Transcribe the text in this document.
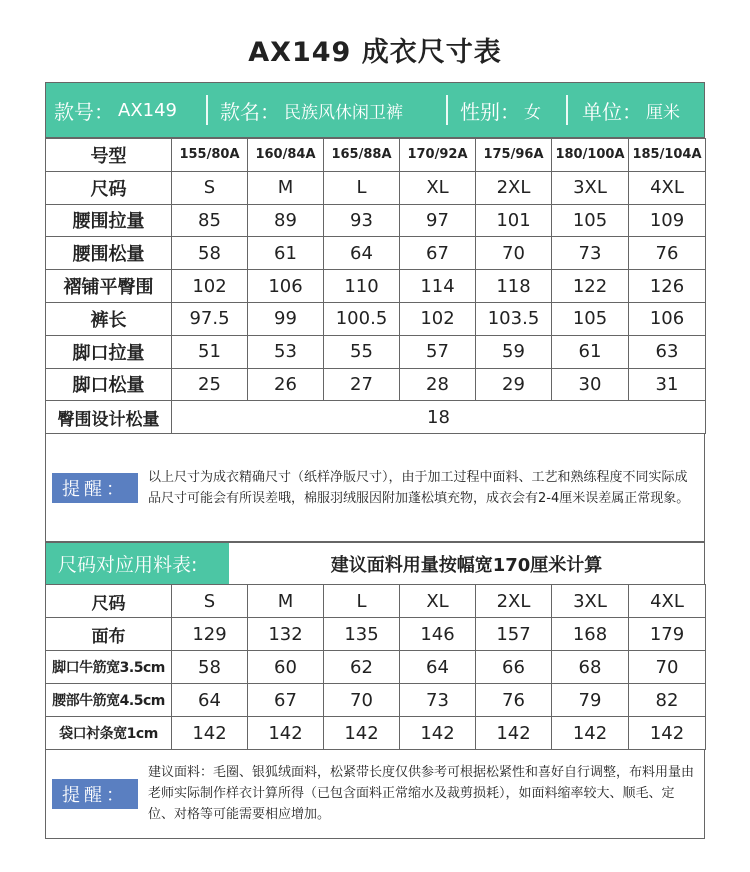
AX149 成衣尺寸表
款号： AX149 款名： 民族风休闲卫裤	性别： 女 单位： 厘米
号型	155/80A	160/84A	165/88A	170/92A	175/96A	180/100A	185/104A
尺码	S	M	L	XL	2XL	3XL	4XL
腰围拉量	85	89	93	97	101	105	109
腰围松量	58	61	64	67	70	73	76
褶铺平臀围	102	106	110	114	118	122	126
裤长	97.5	99	100.5	102	103.5	105	106
脚口拉量	51	53	55	57	59	61	63
脚口松量	25	26	27	28	29	30	31
臀围设计松量	18						
提醒：
以上尺寸为成衣精确尺寸（纸样净版尺寸），由于加工过程中面料、工艺和熟练程度不同实际成品尺寸可能会有所误差哦，棉服羽绒服因附加蓬松填充物，成衣会有2-4厘米误差属正常现象。
尺码对应用料表:	建议面料用量按幅宽170厘米计算
尺码	S	M	L	XL	2XL	3XL	4XL
面布	129	132	135	146	157	168	179
脚口牛筋宽3.5cm	58	60	62	64	66	68	70
腰部牛筋宽4.5cm	64	67	70	73	76	79	82
袋口衬条宽1cm	142	142	142	142	142	142	142
提醒：
建议面料：毛圈、银狐绒面料，松紧带长度仅供参考可根据松紧性和喜好自行调整，布料用量由老师实际制作样衣计算所得（已包含面料正常缩水及裁剪损耗），如面料缩率较大、顺毛、定位、对格等可能需要相应增加。
